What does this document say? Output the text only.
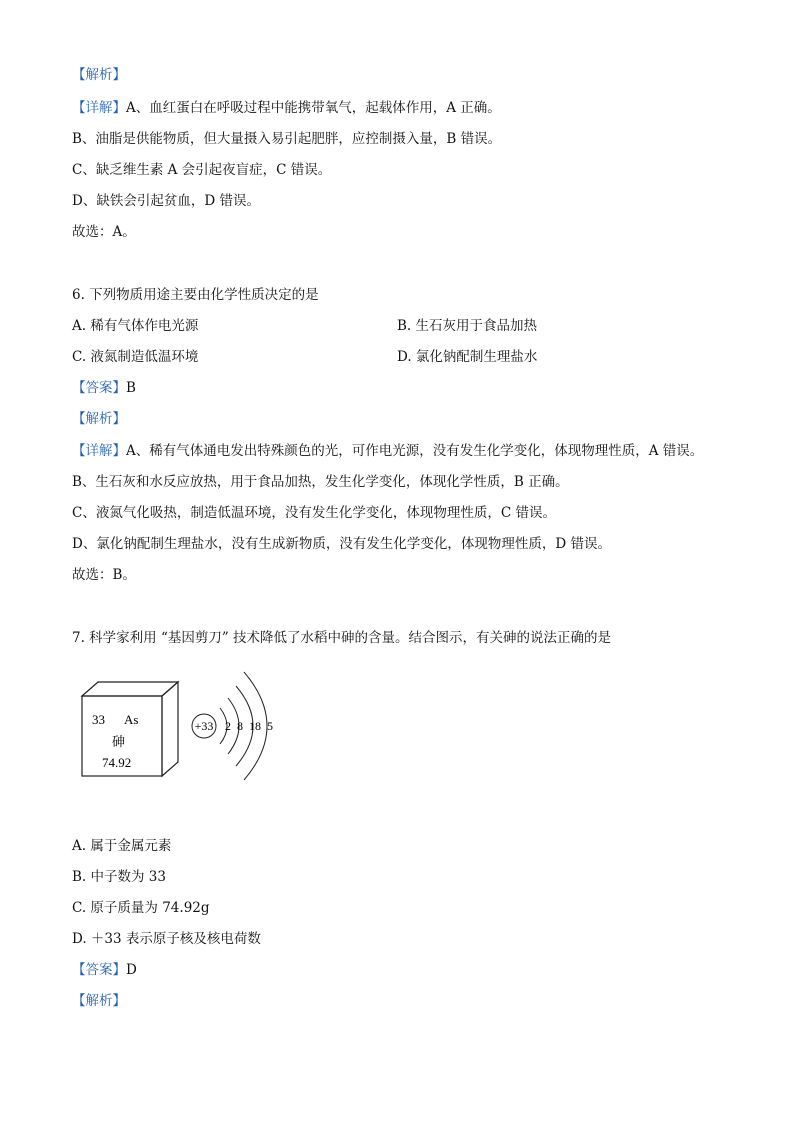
【解析】
【详解】A、血红蛋白在呼吸过程中能携带氧气，起载体作用，A 正确。
B、油脂是供能物质，但大量摄入易引起肥胖，应控制摄入量，B 错误。
C、缺乏维生素 A 会引起夜盲症，C 错误。
D、缺铁会引起贫血，D 错误。
故选：A。
6. 下列物质用途主要由化学性质决定的是
A. 稀有气体作电光源	B. 生石灰用于食品加热
C. 液氮制造低温环境	D. 氯化钠配制生理盐水
【答案】B
【解析】
【详解】A、稀有气体通电发出特殊颜色的光，可作电光源，没有发生化学变化，体现物理性质，A 错误。
B、生石灰和水反应放热，用于食品加热，发生化学变化，体现化学性质，B 正确。
C、液氮气化吸热，制造低温环境，没有发生化学变化，体现物理性质，C 错误。
D、氯化钠配制生理盐水，没有生成新物质，没有发生化学变化，体现物理性质，D 错误。
故选：B。
7. 科学家利用 “基因剪刀” 技术降低了水稻中砷的含量。结合图示，有关砷的说法正确的是
33 As
砷
74.92
+33 2 8 18 5
A. 属于金属元素
B. 中子数为 33
C. 原子质量为 74.92g
D. ＋33 表示原子核及核电荷数
【答案】D
【解析】
